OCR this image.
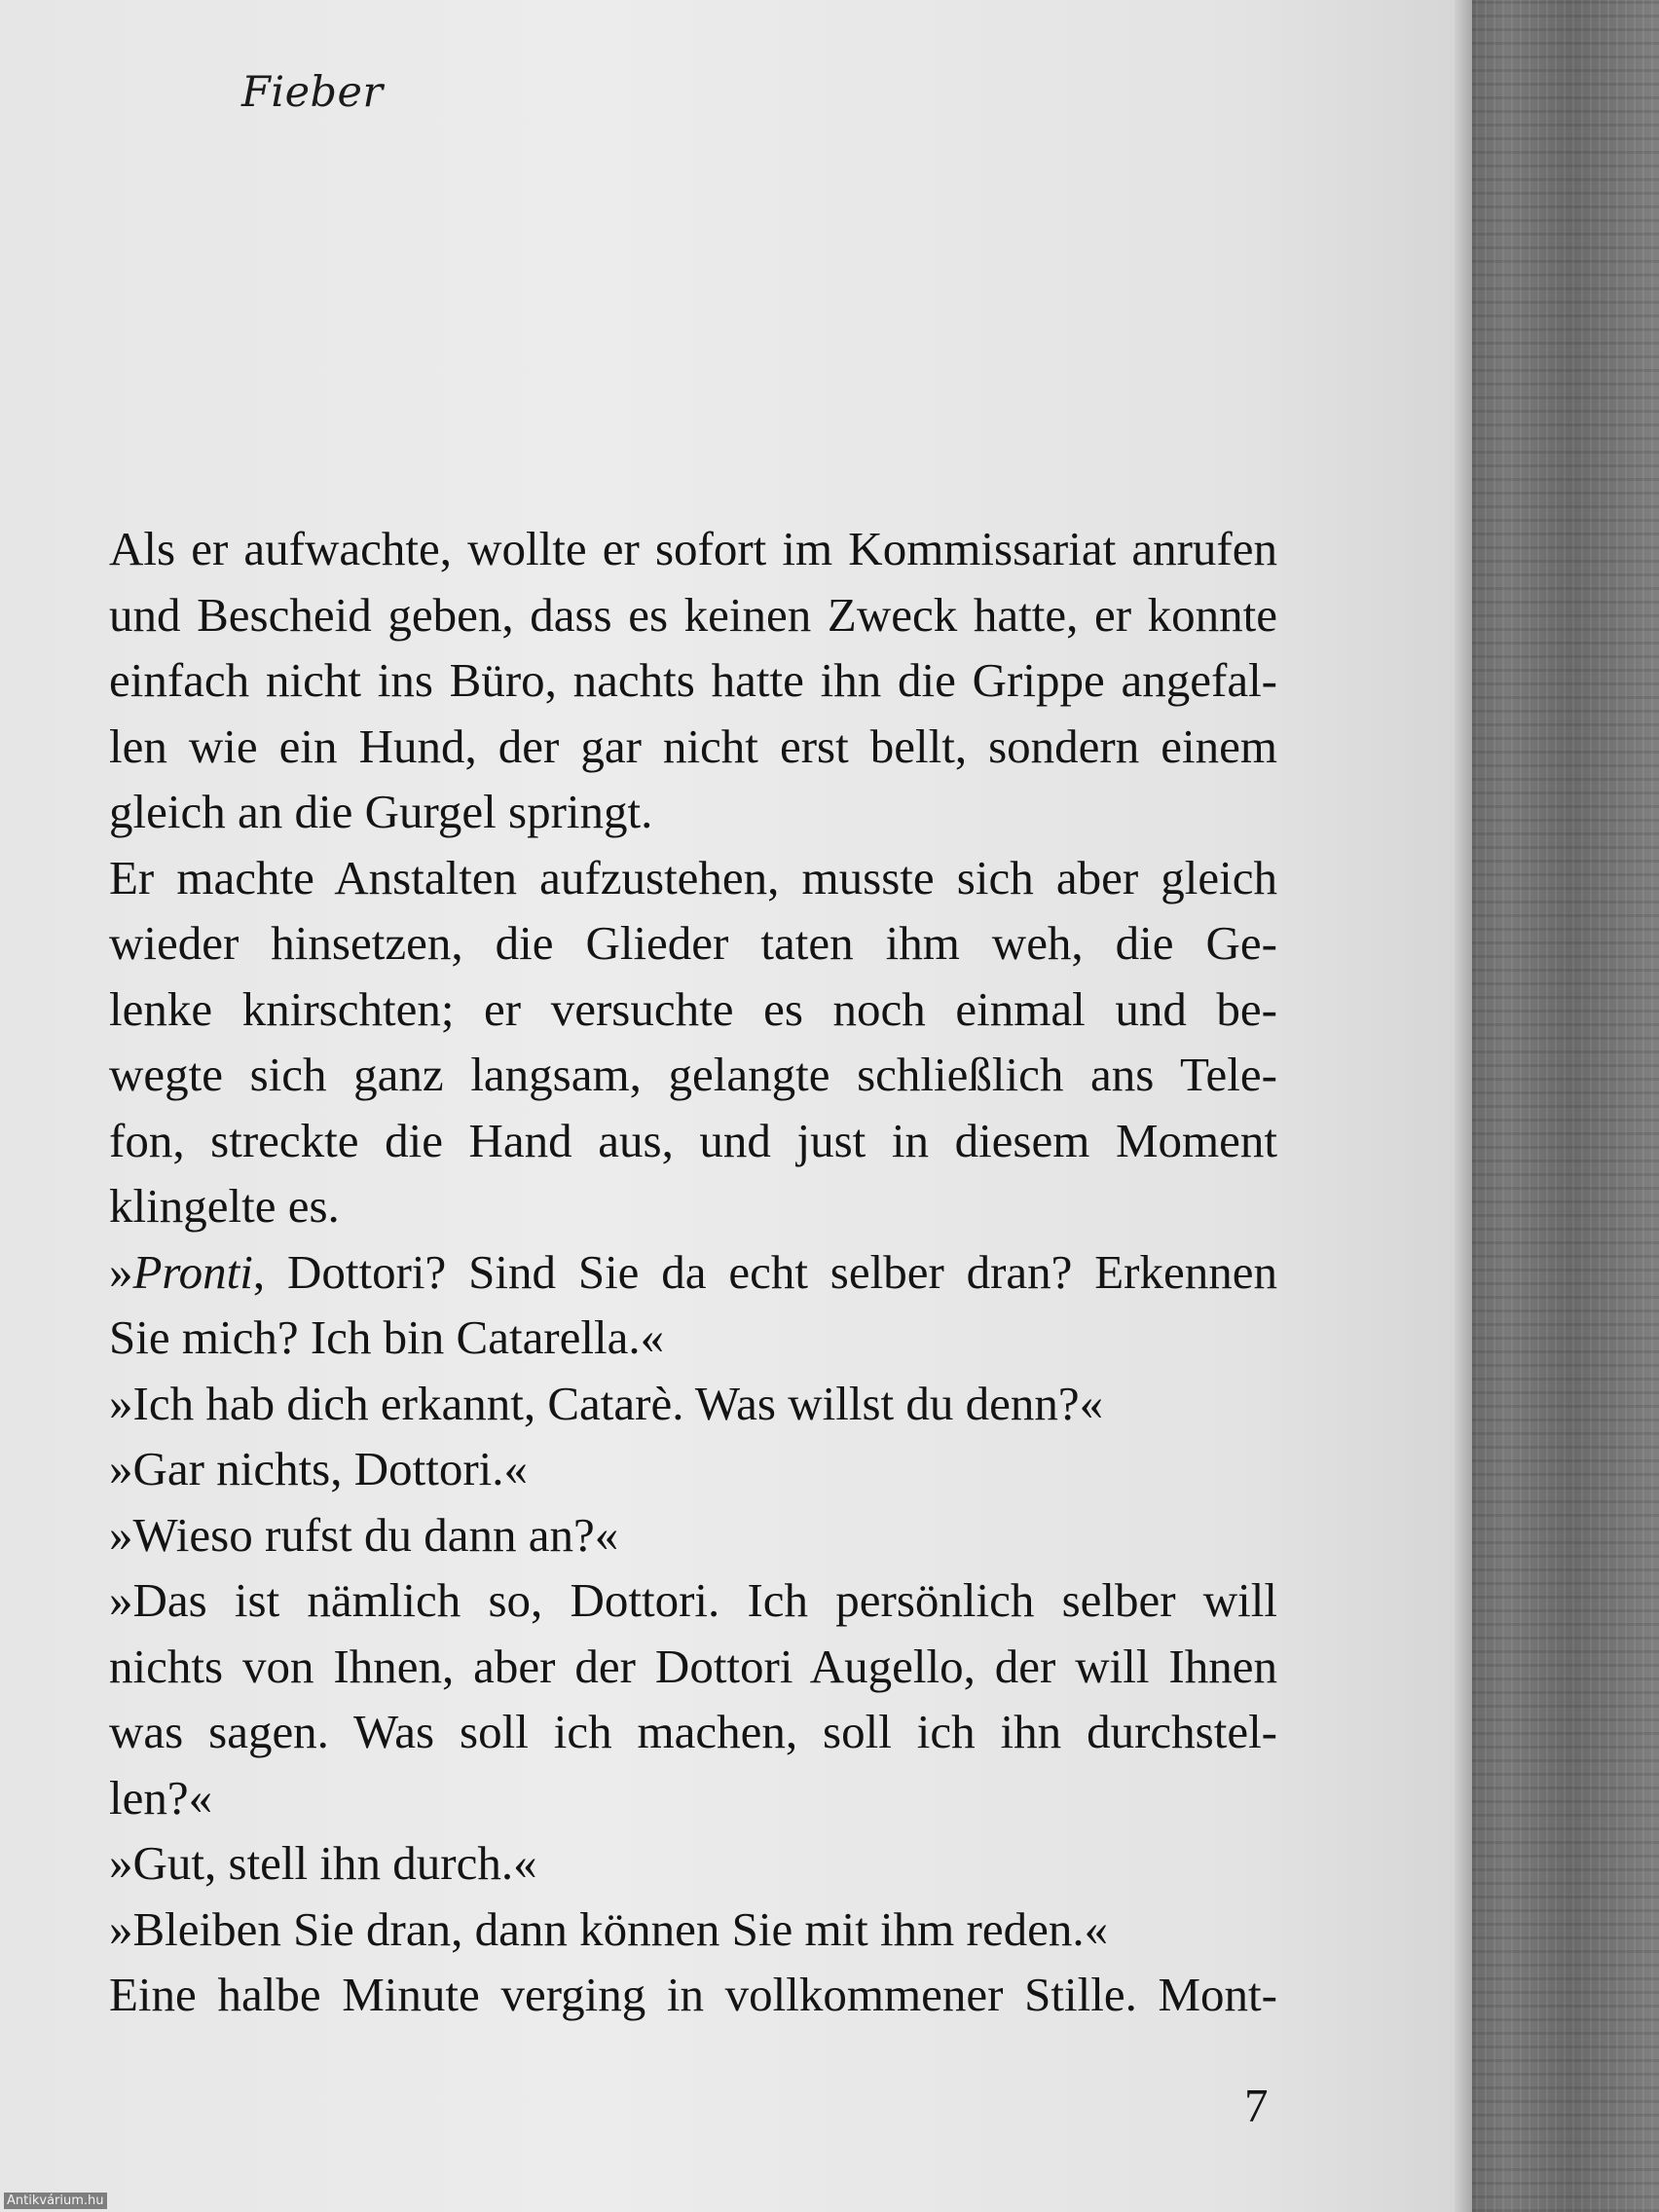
Fieber
Als er aufwachte, wollte er sofort im Kommissariat anrufen
und Bescheid geben, dass es keinen Zweck hatte, er konnte
einfach nicht ins Büro, nachts hatte ihn die Grippe angefal-
len wie ein Hund, der gar nicht erst bellt, sondern einem
gleich an die Gurgel springt.
Er machte Anstalten aufzustehen, musste sich aber gleich
wieder hinsetzen, die Glieder taten ihm weh, die Ge-
lenke knirschten; er versuchte es noch einmal und be-
wegte sich ganz langsam, gelangte schließlich ans Tele-
fon, streckte die Hand aus, und just in diesem Moment
klingelte es.
»Pronti, Dottori? Sind Sie da echt selber dran? Erkennen
Sie mich? Ich bin Catarella.«
»Ich hab dich erkannt, Catarè. Was willst du denn?«
»Gar nichts, Dottori.«
»Wieso rufst du dann an?«
»Das ist nämlich so, Dottori. Ich persönlich selber will
nichts von Ihnen, aber der Dottori Augello, der will Ihnen
was sagen. Was soll ich machen, soll ich ihn durchstel-
len?«
»Gut, stell ihn durch.«
»Bleiben Sie dran, dann können Sie mit ihm reden.«
Eine halbe Minute verging in vollkommener Stille. Mont-
7
Antikvárium.hu
